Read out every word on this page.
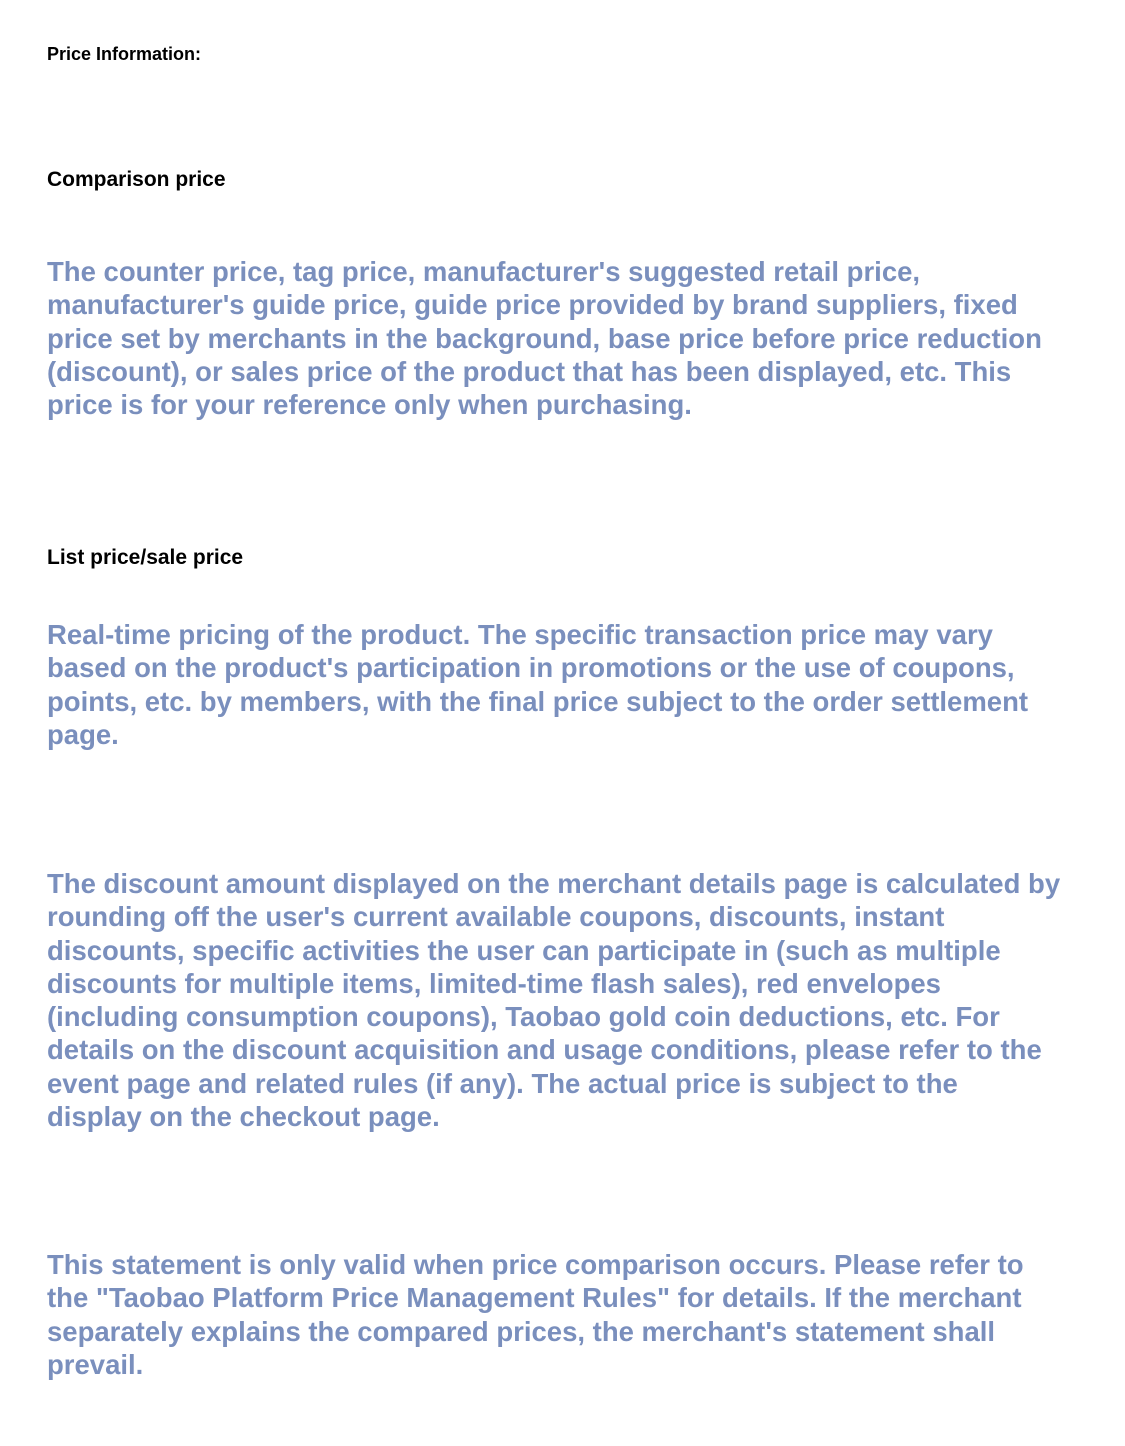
Price Information:
Comparison price
The counter price, tag price, manufacturer's suggested retail price,
manufacturer's guide price, guide price provided by brand suppliers, fixed
price set by merchants in the background, base price before price reduction
(discount), or sales price of the product that has been displayed, etc. This
price is for your reference only when purchasing.
List price/sale price
Real-time pricing of the product. The specific transaction price may vary
based on the product's participation in promotions or the use of coupons,
points, etc. by members, with the final price subject to the order settlement
page.
The discount amount displayed on the merchant details page is calculated by
rounding off the user's current available coupons, discounts, instant
discounts, specific activities the user can participate in (such as multiple
discounts for multiple items, limited-time flash sales), red envelopes
(including consumption coupons), Taobao gold coin deductions, etc. For
details on the discount acquisition and usage conditions, please refer to the
event page and related rules (if any). The actual price is subject to the
display on the checkout page.
This statement is only valid when price comparison occurs. Please refer to
the "Taobao Platform Price Management Rules" for details. If the merchant
separately explains the compared prices, the merchant's statement shall
prevail.
